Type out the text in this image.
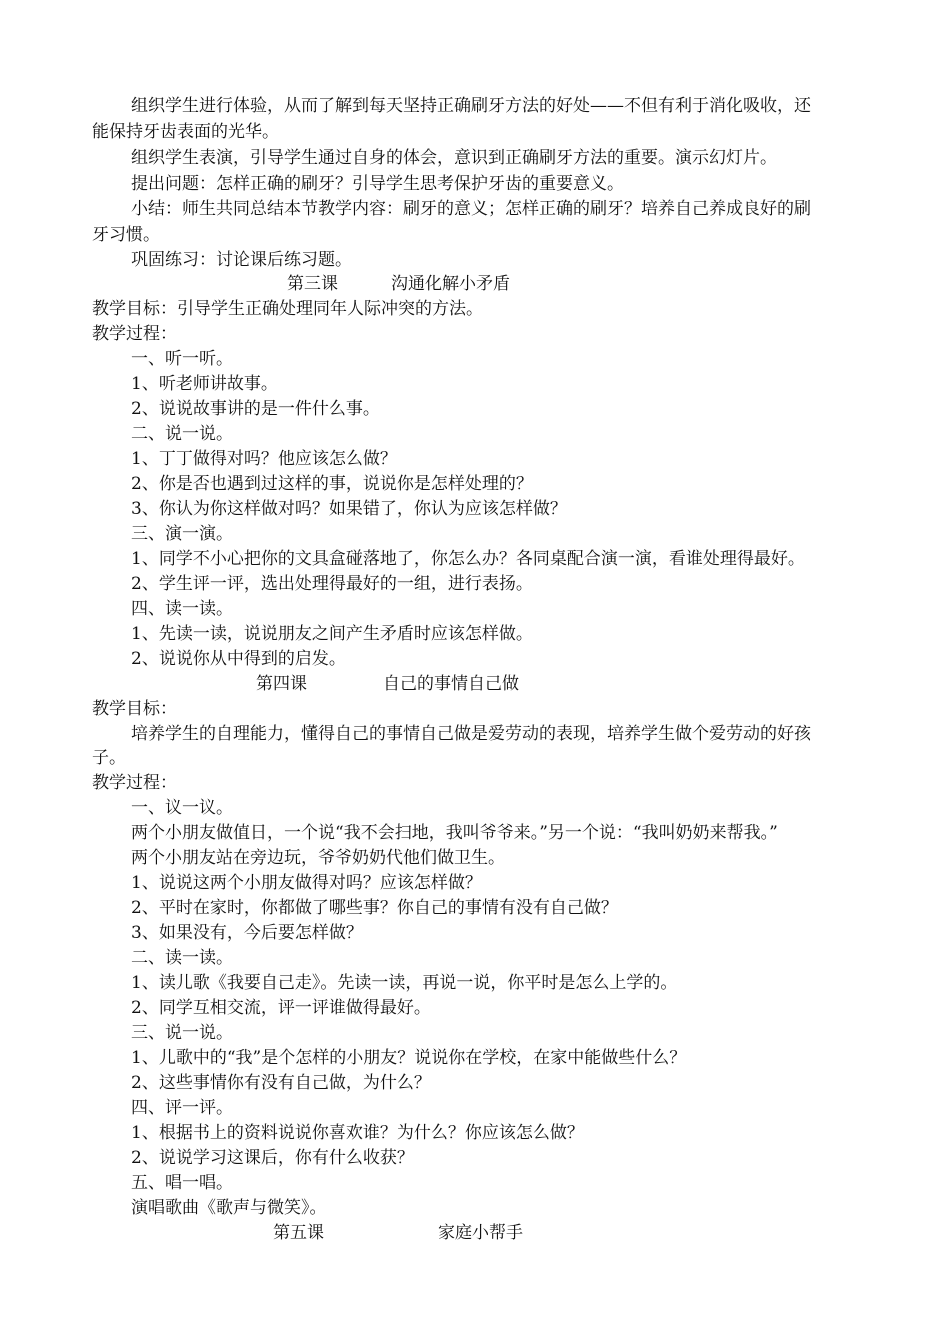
组织学生进行体验，从而了解到每天坚持正确刷牙方法的好处——不但有利于消化吸收，还
能保持牙齿表面的光华。
组织学生表演，引导学生通过自身的体会，意识到正确刷牙方法的重要。演示幻灯片。
提出问题：怎样正确的刷牙？引导学生思考保护牙齿的重要意义。
小结：师生共同总结本节教学内容：刷牙的意义；怎样正确的刷牙？培养自己养成良好的刷
牙习惯。
巩固练习：讨论课后练习题。
第三课	沟通化解小矛盾
教学目标：引导学生正确处理同年人际冲突的方法。
教学过程：
一、听一听。
1、听老师讲故事。
2、说说故事讲的是一件什么事。
二、说一说。
1、丁丁做得对吗？他应该怎么做？
2、你是否也遇到过这样的事，说说你是怎样处理的？
3、你认为你这样做对吗？如果错了，你认为应该怎样做？
三、演一演。
1、同学不小心把你的文具盒碰落地了，你怎么办？各同桌配合演一演，看谁处理得最好。
2、学生评一评，选出处理得最好的一组，进行表扬。
四、读一读。
1、先读一读，说说朋友之间产生矛盾时应该怎样做。
2、说说你从中得到的启发。
第四课	自己的事情自己做
教学目标：
培养学生的自理能力，懂得自己的事情自己做是爱劳动的表现，培养学生做个爱劳动的好孩
子。
教学过程：
一、议一议。
两个小朋友做值日，一个说“我不会扫地，我叫爷爷来。”另一个说：“我叫奶奶来帮我。”
两个小朋友站在旁边玩，爷爷奶奶代他们做卫生。
1、说说这两个小朋友做得对吗？应该怎样做？
2、平时在家时，你都做了哪些事？你自己的事情有没有自己做？
3、如果没有，今后要怎样做？
二、读一读。
1、读儿歌《我要自己走》。先读一读，再说一说，你平时是怎么上学的。
2、同学互相交流，评一评谁做得最好。
三、说一说。
1、儿歌中的“我”是个怎样的小朋友？说说你在学校，在家中能做些什么？
2、这些事情你有没有自己做，为什么？
四、评一评。
1、根据书上的资料说说你喜欢谁？为什么？你应该怎么做？
2、说说学习这课后，你有什么收获？
五、唱一唱。
演唱歌曲《歌声与微笑》。
第五课	家庭小帮手
